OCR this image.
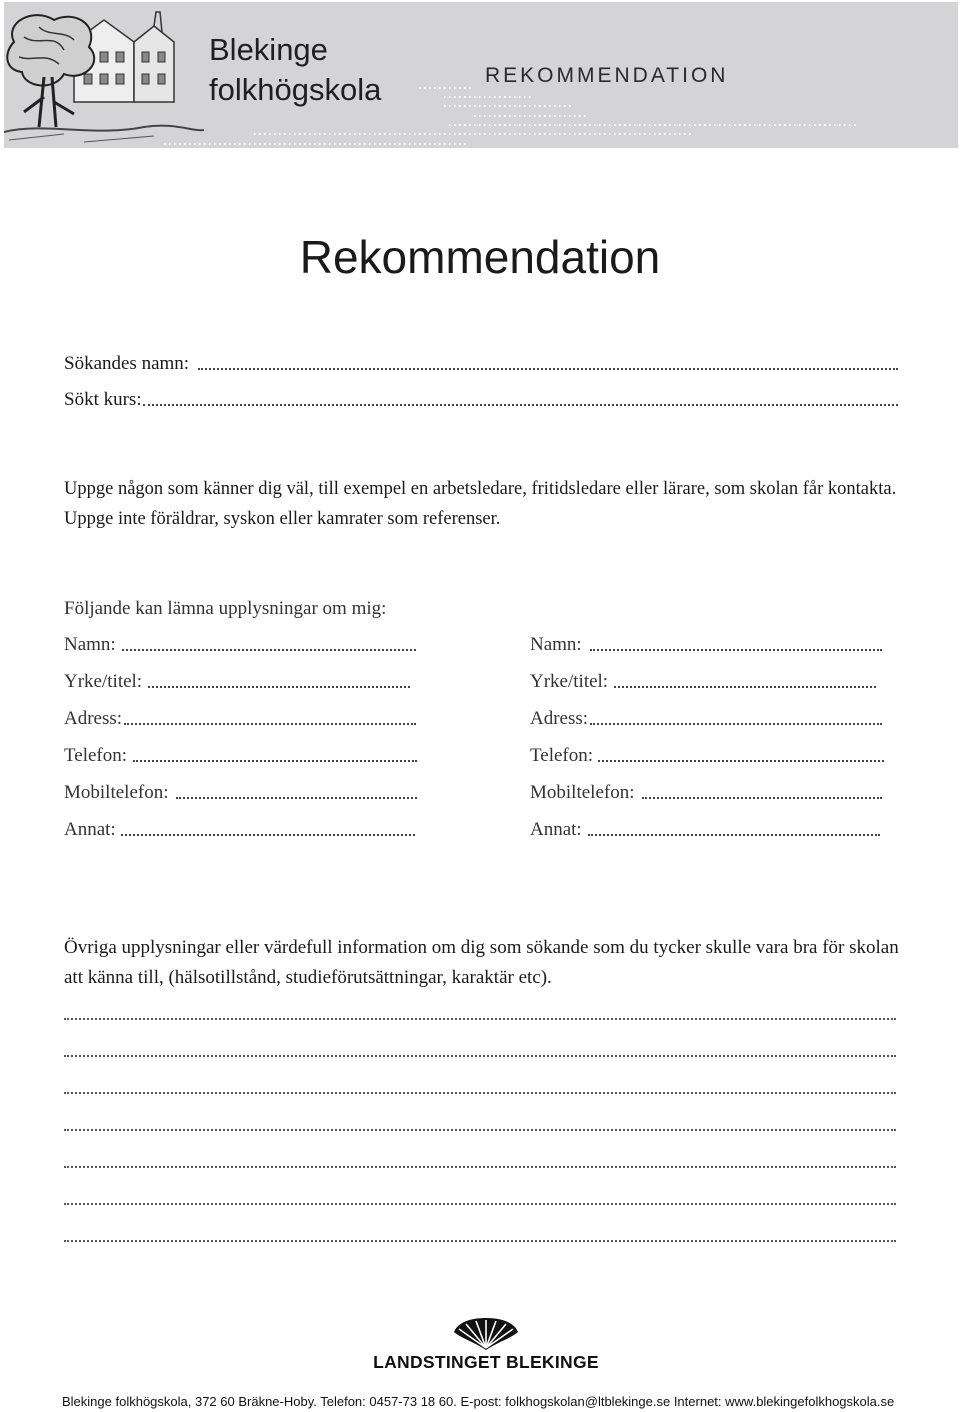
Blekinge
folkhögskola	REKOMMENDATION
Rekommendation
Sökandes namn:
Sökt kurs:
Uppge någon som känner dig väl, till exempel en arbetsledare, fritidsledare eller lärare, som skolan får kontakta. Uppge inte föräldrar, syskon eller kamrater som referenser.
Följande kan lämna upplysningar om mig:
Namn:
Yrke/titel:
Adress:
Telefon:
Mobiltelefon:
Annat:
Namn:
Yrke/titel:
Adress:
Telefon:
Mobiltelefon:
Annat:
Övriga upplysningar eller värdefull information om dig som sökande som du tycker skulle vara bra för skolan att känna till, (hälsotillstånd, studieförutsättningar, karaktär etc).
LANDSTINGET BLEKINGE
Blekinge folkhögskola, 372 60 Bräkne-Hoby. Telefon: 0457-73 18 60. E-post: folkhogskolan@ltblekinge.se Internet: www.blekingefolkhogskola.se
